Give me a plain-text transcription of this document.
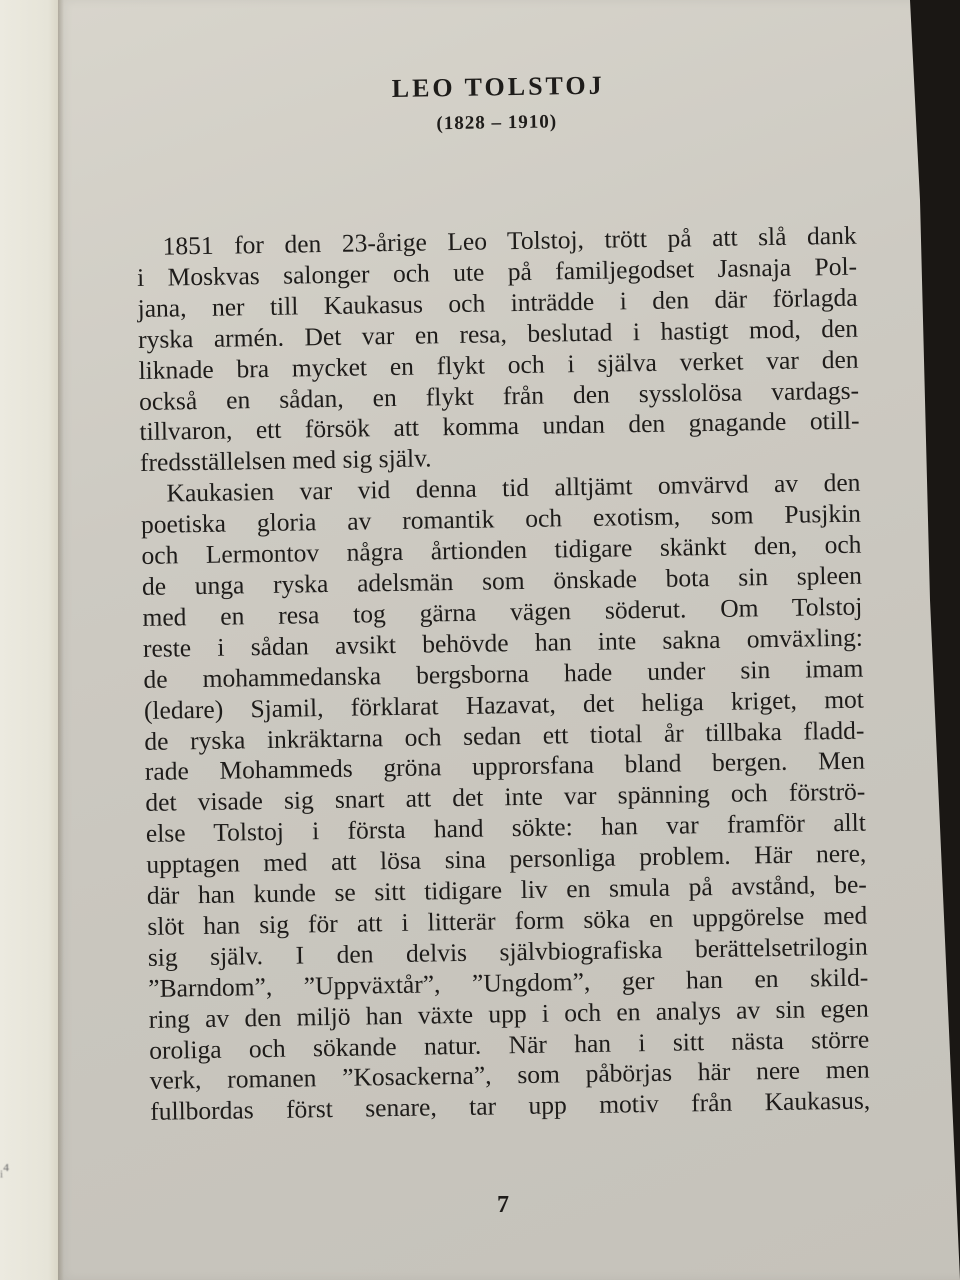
ᵢ⁴
LEO TOLSTOJ
(1828 – 1910)
1851 for den 23-årige Leo Tolstoj, trött på att slå dank
i Moskvas salonger och ute på familjegodset Jasnaja Pol-
jana, ner till Kaukasus och inträdde i den där förlagda
ryska armén. Det var en resa, beslutad i hastigt mod, den
liknade bra mycket en flykt och i själva verket var den
också en sådan, en flykt från den sysslolösa vardags-
tillvaron, ett försök att komma undan den gnagande otill-
fredsställelsen med sig själv.
Kaukasien var vid denna tid alltjämt omvärvd av den
poetiska gloria av romantik och exotism, som Pusjkin
och Lermontov några årtionden tidigare skänkt den, och
de unga ryska adelsmän som önskade bota sin spleen
med en resa tog gärna vägen söderut. Om Tolstoj
reste i sådan avsikt behövde han inte sakna omväxling:
de mohammedanska bergsborna hade under sin imam
(ledare) Sjamil, förklarat Hazavat, det heliga kriget, mot
de ryska inkräktarna och sedan ett tiotal år tillbaka fladd-
rade Mohammeds gröna upprorsfana bland bergen. Men
det visade sig snart att det inte var spänning och förströ-
else Tolstoj i första hand sökte: han var framför allt
upptagen med att lösa sina personliga problem. Här nere,
där han kunde se sitt tidigare liv en smula på avstånd, be-
slöt han sig för att i litterär form söka en uppgörelse med
sig själv. I den delvis självbiografiska berättelsetrilogin
”Barndom”, ”Uppväxtår”, ”Ungdom”, ger han en skild-
ring av den miljö han växte upp i och en analys av sin egen
oroliga och sökande natur. När han i sitt nästa större
verk, romanen ”Kosackerna”, som påbörjas här nere men
fullbordas först senare, tar upp motiv från Kaukasus,
7
